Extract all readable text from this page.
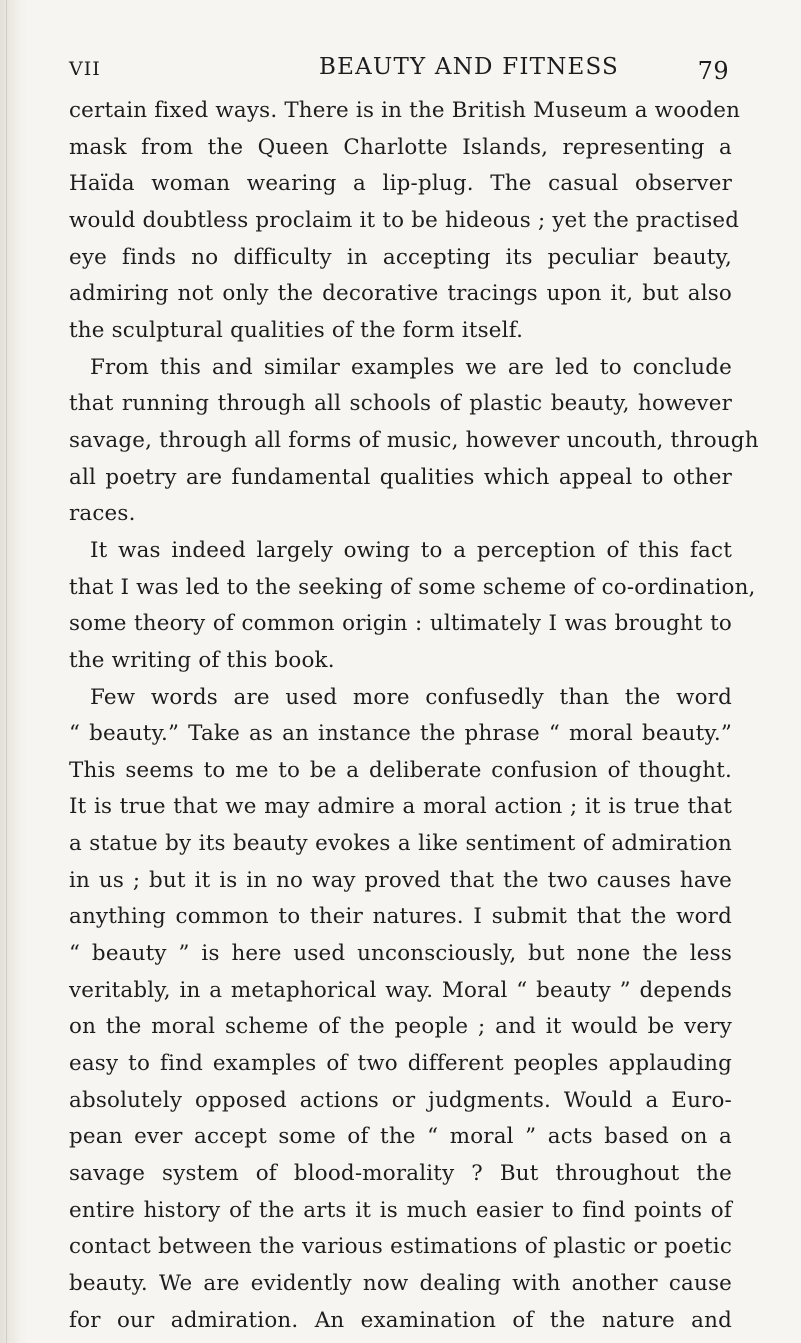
VII	BEAUTY AND FITNESS	79
certain fixed ways. There is in the British Museum a wooden
mask from the Queen Charlotte Islands, representing a
Haïda woman wearing a lip-plug. The casual observer
would doubtless proclaim it to be hideous ; yet the practised
eye finds no difficulty in accepting its peculiar beauty,
admiring not only the decorative tracings upon it, but also
the sculptural qualities of the form itself.
From this and similar examples we are led to conclude
that running through all schools of plastic beauty, however
savage, through all forms of music, however uncouth, through
all poetry are fundamental qualities which appeal to other
races.
It was indeed largely owing to a perception of this fact
that I was led to the seeking of some scheme of co-ordination,
some theory of common origin : ultimately I was brought to
the writing of this book.
Few words are used more confusedly than the word
“ beauty.” Take as an instance the phrase “ moral beauty.”
This seems to me to be a deliberate confusion of thought.
It is true that we may admire a moral action ; it is true that
a statue by its beauty evokes a like sentiment of admiration
in us ; but it is in no way proved that the two causes have
anything common to their natures. I submit that the word
“ beauty ” is here used unconsciously, but none the less
veritably, in a metaphorical way. Moral “ beauty ” depends
on the moral scheme of the people ; and it would be very
easy to find examples of two different peoples applauding
absolutely opposed actions or judgments. Would a Euro-
pean ever accept some of the “ moral ” acts based on a
savage system of blood-morality ? But throughout the
entire history of the arts it is much easier to find points of
contact between the various estimations of plastic or poetic
beauty. We are evidently now dealing with another cause
for our admiration. An examination of the nature and
